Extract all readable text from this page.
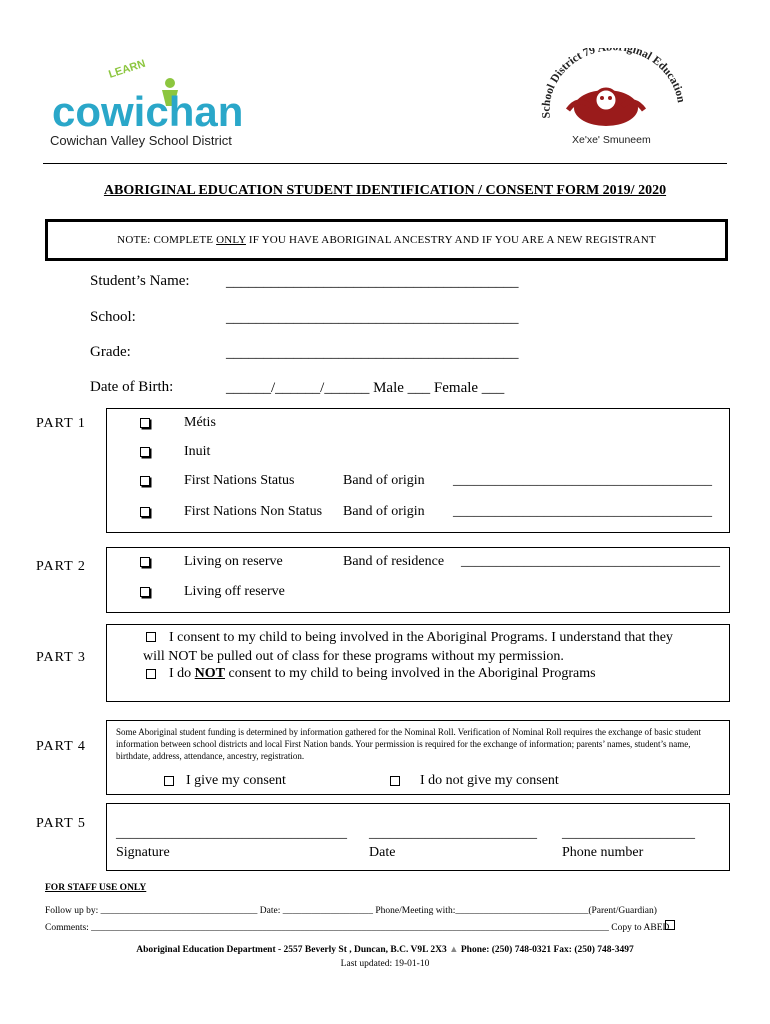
LEARN
cowichan
Cowichan Valley School District
School District 79 A iginal Education
Xe'xe' Smuneem
ABORIGINAL EDUCATION STUDENT IDENTIFICATION / CONSENT FORM 2019/ 2020
NOTE: COMPLETE ONLY IF YOU HAVE ABORIGINAL ANCESTRY AND IF YOU ARE A NEW REGISTRANT
Student’s Name: _______________________________________
School:	_______________________________________
Grade:	_______________________________________
Date of Birth:	______/______/______ Male ___ Female ___
PART 1	Métis
Inuit
First Nations Status	Band of origin _____________________________________
First Nations Non Status Band of origin _____________________________________
PART 2	Living on reserve	Band of residence _____________________________________
Living off reserve
PART 3
I consent to my child to being involved in the Aboriginal Programs. I understand that they
will NOT be pulled out of class for these programs without my permission.
I do NOT consent to my child to being involved in the Aboriginal Programs
PART 4
Some Aboriginal student funding is determined by information gathered for the Nominal Roll. Verification of Nominal Roll requires the exchange of basic student information between school districts and local First Nation bands. Your permission is required for the exchange of information; parents’ names, student’s name, birthdate, address, attendance, ancestry, registration.
I give my consent	I do not give my consent
PART 5
_________________________________ ________________________ ___________________
Signature	Date	Phone number
FOR STAFF USE ONLY
Follow up by: _________________________________ Date: ___________________ Phone/Meeting with:____________________________(Parent/Guardian)
Comments: _____________________________________________________________________________________________________________ Copy to ABED
Aboriginal Education Department - 2557 Beverly St , Duncan, B.C. V9L 2X3 ▲ Phone: (250) 748-0321 Fax: (250) 748-3497
Last updated: 19-01-10
